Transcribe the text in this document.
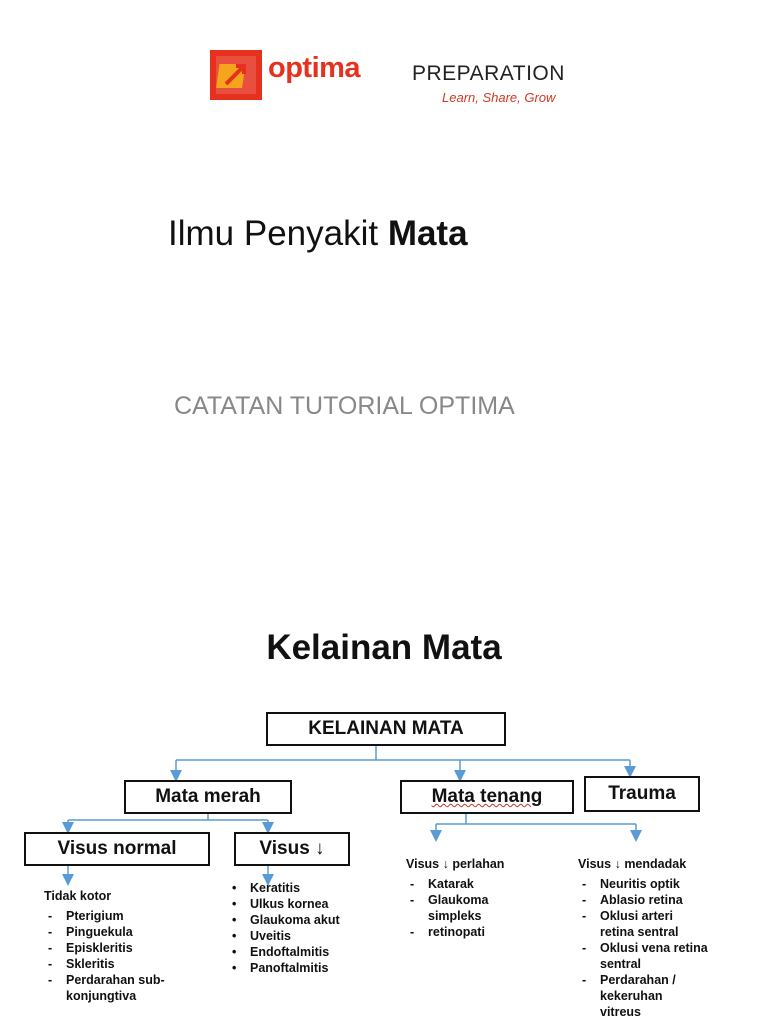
optima PREPARATION
Learn, Share, Grow
Ilmu Penyakit Mata
CATATAN TUTORIAL OPTIMA
Kelainan Mata
KELAINAN MATA
Mata merah	Mata tenang	Trauma
Visus normal	Visus ↓
Tidak kotor
- Pterigium
- Pinguekula
- Episkleritis
- Skleritis
- Perdarahan sub-konjungtiva
• Keratitis
• Ulkus kornea
• Glaukoma akut
• Uveitis
• Endoftalmitis
• Panoftalmitis
Visus ↓ perlahan
- Katarak
- Glaukoma simpleks
- retinopati
Visus ↓ mendadak
- Neuritis optik
- Ablasio retina
- Oklusi arteri retina sentral
- Oklusi vena retina sentral
- Perdarahan / kekeruhan vitreus
